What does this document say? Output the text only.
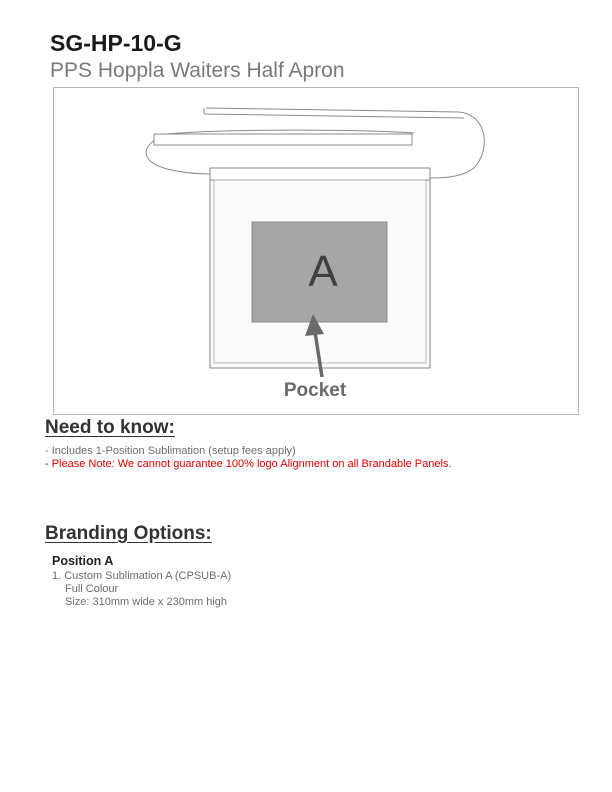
SG-HP-10-G
PPS Hoppla Waiters Half Apron
A
Pocket
Need to know:
- Includes 1-Position Sublimation (setup fees apply)
- Please Note: We cannot guarantee 100% logo Alignment on all Brandable Panels.
Branding Options:
Position A
1. Custom Sublimation A (CPSUB-A)
Full Colour
Size: 310mm wide x 230mm high
